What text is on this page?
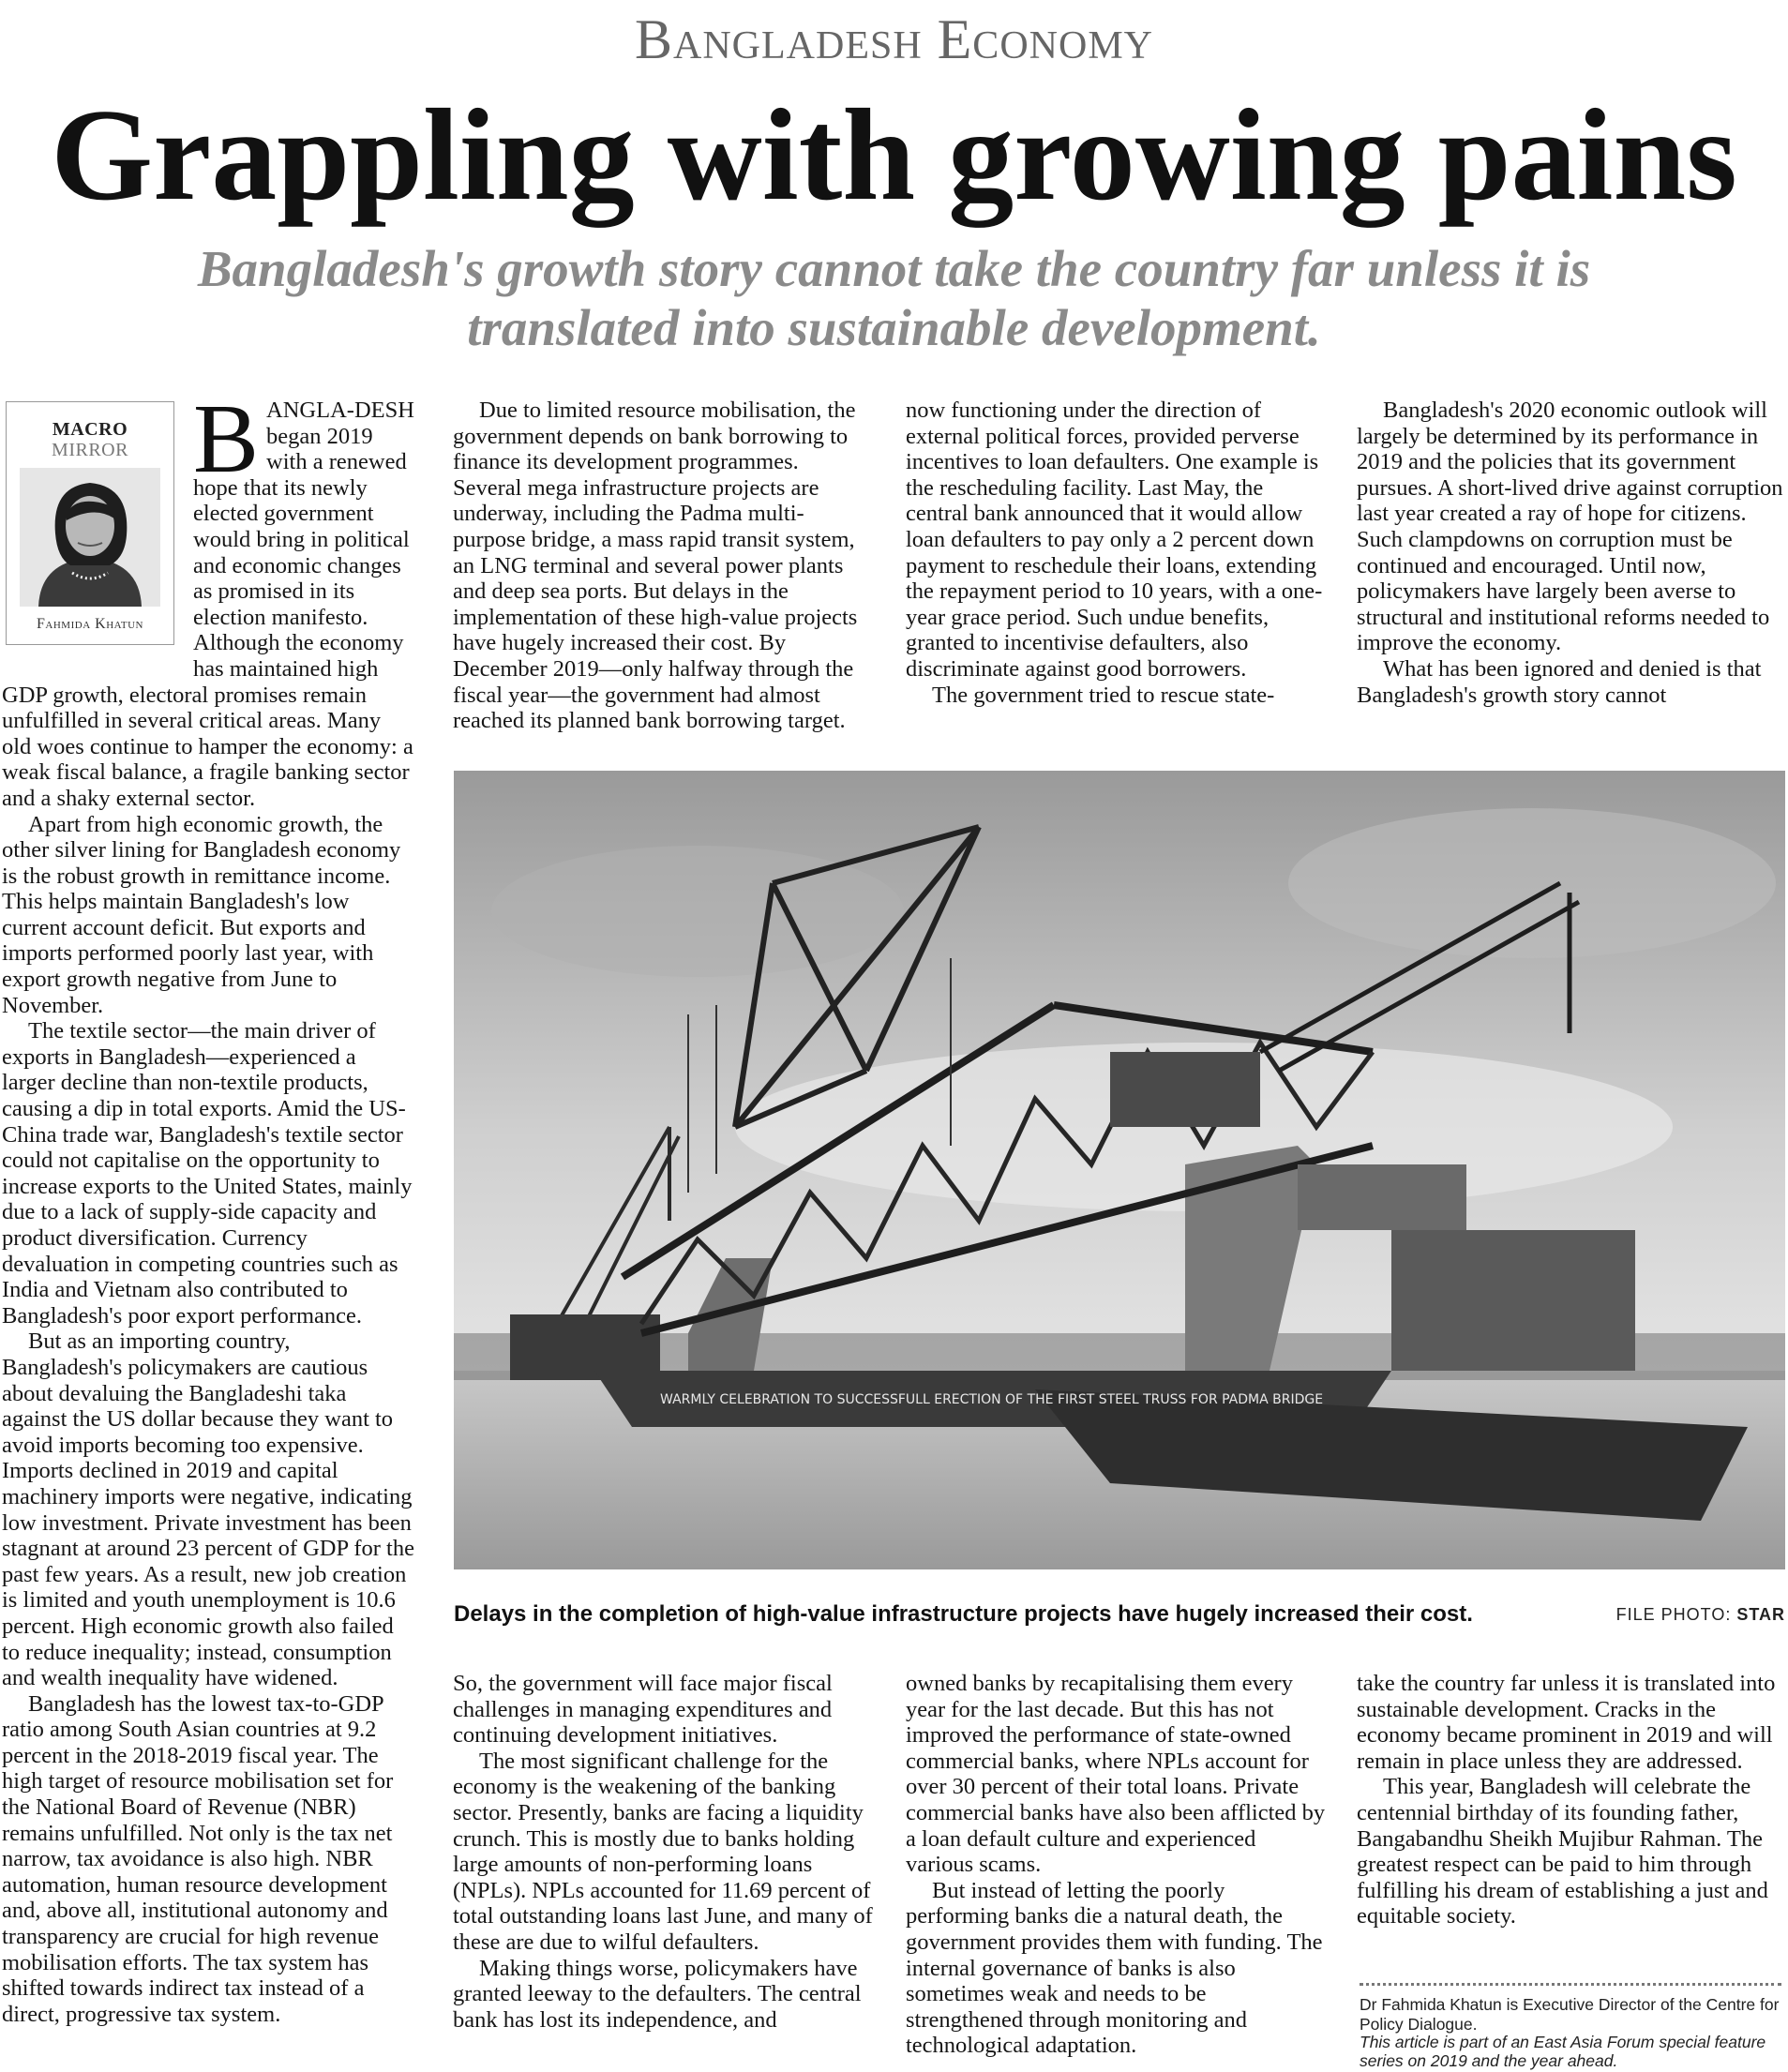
Bangladesh Economy
Grappling with growing pains
Bangladesh's growth story cannot take the country far unless it is translated into sustainable development.
B ANGLA-DESH began 2019 with a renewed hope that its newly elected government would bring in political and economic changes as promised in its election manifesto. Although the economy has maintained high GDP growth, electoral promises remain unfulfilled in several critical areas. Many old woes continue to hamper the economy: a weak fiscal balance, a fragile banking sector and a shaky external sector.

Apart from high economic growth, the other silver lining for Bangladesh economy is the robust growth in remittance income. This helps maintain Bangladesh's low current account deficit. But exports and imports performed poorly last year, with export growth negative from June to November.

The textile sector—the main driver of exports in Bangladesh—experienced a larger decline than non-textile products, causing a dip in total exports. Amid the US-China trade war, Bangladesh's textile sector could not capitalise on the opportunity to increase exports to the United States, mainly due to a lack of supply-side capacity and product diversification. Currency devaluation in competing countries such as India and Vietnam also contributed to Bangladesh's poor export performance.

But as an importing country, Bangladesh's policymakers are cautious about devaluing the Bangladeshi taka against the US dollar because they want to avoid imports becoming too expensive. Imports declined in 2019 and capital machinery imports were negative, indicating low investment. Private investment has been stagnant at around 23 percent of GDP for the past few years. As a result, new job creation is limited and youth unemployment is 10.6 percent. High economic growth also failed to reduce inequality; instead, consumption and wealth inequality have widened.

Bangladesh has the lowest tax-to-GDP ratio among South Asian countries at 9.2 percent in the 2018-2019 fiscal year. The high target of resource mobilisation set for the National Board of Revenue (NBR) remains unfulfilled. Not only is the tax net narrow, tax avoidance is also high. NBR automation, human resource development and, above all, institutional autonomy and transparency are crucial for high revenue mobilisation efforts. The tax system has shifted towards indirect tax instead of a direct, progressive tax system.

MACRO
MIRROR
Fahmida Khatun

Due to limited resource mobilisation, the government depends on bank borrowing to finance its development programmes. Several mega infrastructure projects are underway, including the Padma multi-purpose bridge, a mass rapid transit system, an LNG terminal and several power plants and deep sea ports. But delays in the implementation of these high-value projects have hugely increased their cost. By December 2019—only halfway through the fiscal year—the government had almost reached its planned bank borrowing target.

now functioning under the direction of external political forces, provided perverse incentives to loan defaulters. One example is the rescheduling facility. Last May, the central bank announced that it would allow loan defaulters to pay only a 2 percent down payment to reschedule their loans, extending the repayment period to 10 years, with a one-year grace period. Such undue benefits, granted to incentivise defaulters, also discriminate against good borrowers.

The government tried to rescue state-

Bangladesh's 2020 economic outlook will largely be determined by its performance in 2019 and the policies that its government pursues. A short-lived drive against corruption last year created a ray of hope for citizens. Such clampdowns on corruption must be continued and encouraged. Until now, policymakers have largely been averse to structural and institutional reforms needed to improve the economy.

What has been ignored and denied is that Bangladesh's growth story cannot

WARMLY CELEBRATION TO SUCCESSFULL ERECTION OF THE FIRST STEEL TRUSS FOR PADMA BRIDGE
Delays in the completion of high-value infrastructure projects have hugely increased their cost.	FILE PHOTO: STAR

So, the government will face major fiscal challenges in managing expenditures and continuing development initiatives.

The most significant challenge for the economy is the weakening of the banking sector. Presently, banks are facing a liquidity crunch. This is mostly due to banks holding large amounts of non-performing loans (NPLs). NPLs accounted for 11.69 percent of total outstanding loans last June, and many of these are due to wilful defaulters.

Making things worse, policymakers have granted leeway to the defaulters. The central bank has lost its independence, and

owned banks by recapitalising them every year for the last decade. But this has not improved the performance of state-owned commercial banks, where NPLs account for over 30 percent of their total loans. Private commercial banks have also been afflicted by a loan default culture and experienced various scams.

But instead of letting the poorly performing banks die a natural death, the government provides them with funding. The internal governance of banks is also sometimes weak and needs to be strengthened through monitoring and technological adaptation.

take the country far unless it is translated into sustainable development. Cracks in the economy became prominent in 2019 and will remain in place unless they are addressed.

This year, Bangladesh will celebrate the centennial birthday of its founding father, Bangabandhu Sheikh Mujibur Rahman. The greatest respect can be paid to him through fulfilling his dream of establishing a just and equitable society.

Dr Fahmida Khatun is Executive Director of the Centre for Policy Dialogue.
This article is part of an East Asia Forum special feature series on 2019 and the year ahead.
